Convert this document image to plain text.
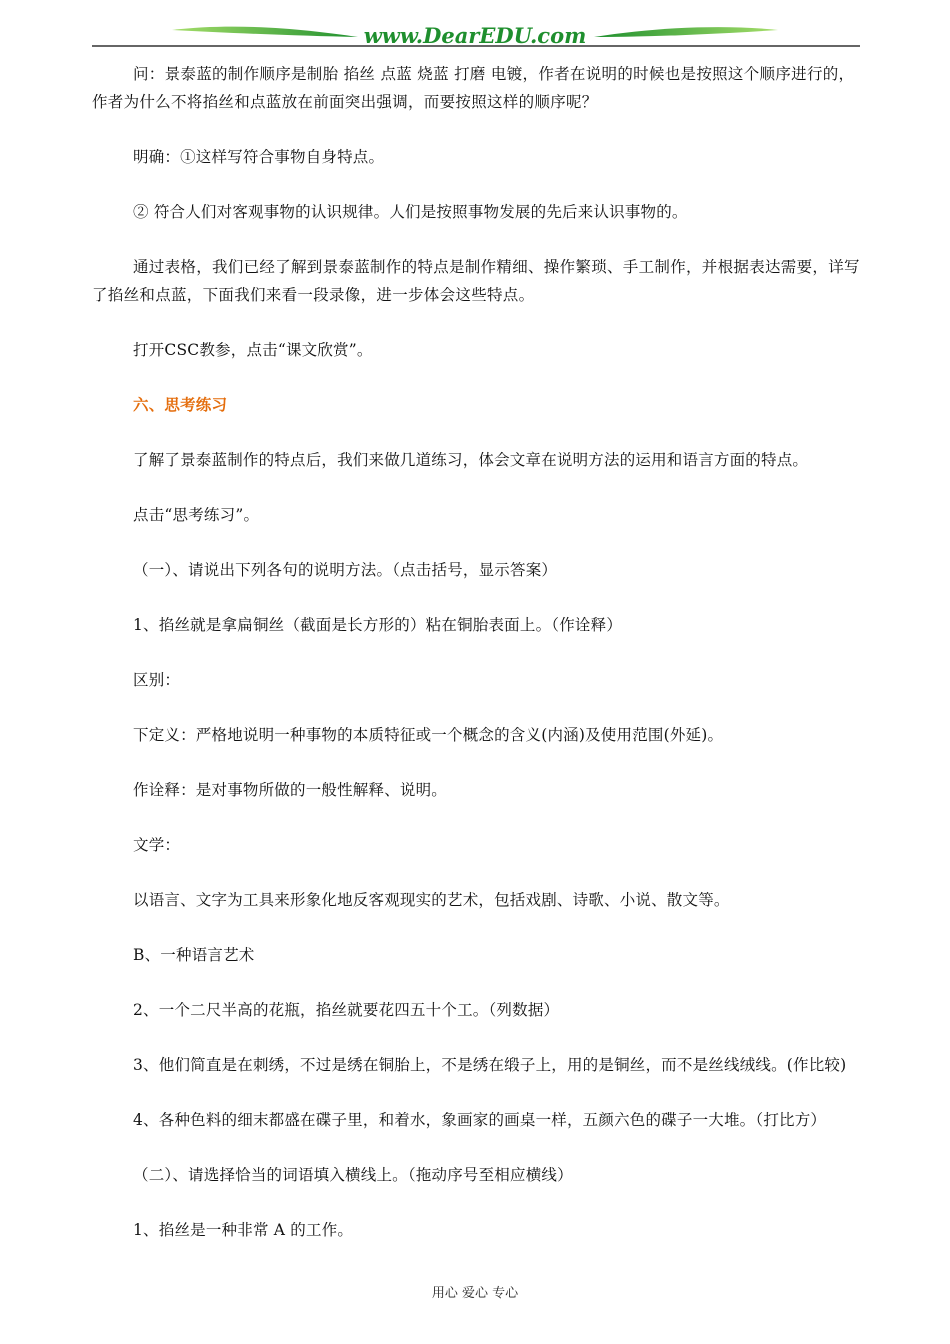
www.DearEDU.com

问：景泰蓝的制作顺序是制胎 掐丝 点蓝 烧蓝 打磨 电镀，作者在说明的时候也是按照这个顺序进行的，作者为什么不将掐丝和点蓝放在前面突出强调，而要按照这样的顺序呢？

明确：①这样写符合事物自身特点。

② 符合人们对客观事物的认识规律。人们是按照事物发展的先后来认识事物的。

通过表格，我们已经了解到景泰蓝制作的特点是制作精细、操作繁琐、手工制作，并根据表达需要，详写了掐丝和点蓝，下面我们来看一段录像，进一步体会这些特点。

打开CSC教参，点击“课文欣赏”。

六、思考练习

了解了景泰蓝制作的特点后，我们来做几道练习，体会文章在说明方法的运用和语言方面的特点。

点击“思考练习”。

（一）、请说出下列各句的说明方法。（点击括号，显示答案）

1、掐丝就是拿扁铜丝（截面是长方形的）粘在铜胎表面上。（作诠释）

区别：

下定义：严格地说明一种事物的本质特征或一个概念的含义(内涵)及使用范围(外延)。

作诠释：是对事物所做的一般性解释、说明。

文学：

以语言、文字为工具来形象化地反客观现实的艺术，包括戏剧、诗歌、小说、散文等。

B、一种语言艺术

2、一个二尺半高的花瓶，掐丝就要花四五十个工。（列数据）

3、他们简直是在刺绣，不过是绣在铜胎上，不是绣在缎子上，用的是铜丝，而不是丝线绒线。(作比较)

4、各种色料的细末都盛在碟子里，和着水，象画家的画桌一样，五颜六色的碟子一大堆。（打比方）

（二）、请选择恰当的词语填入横线上。（拖动序号至相应横线）

1、掐丝是一种非常 A 的工作。

用心 爱心 专心
